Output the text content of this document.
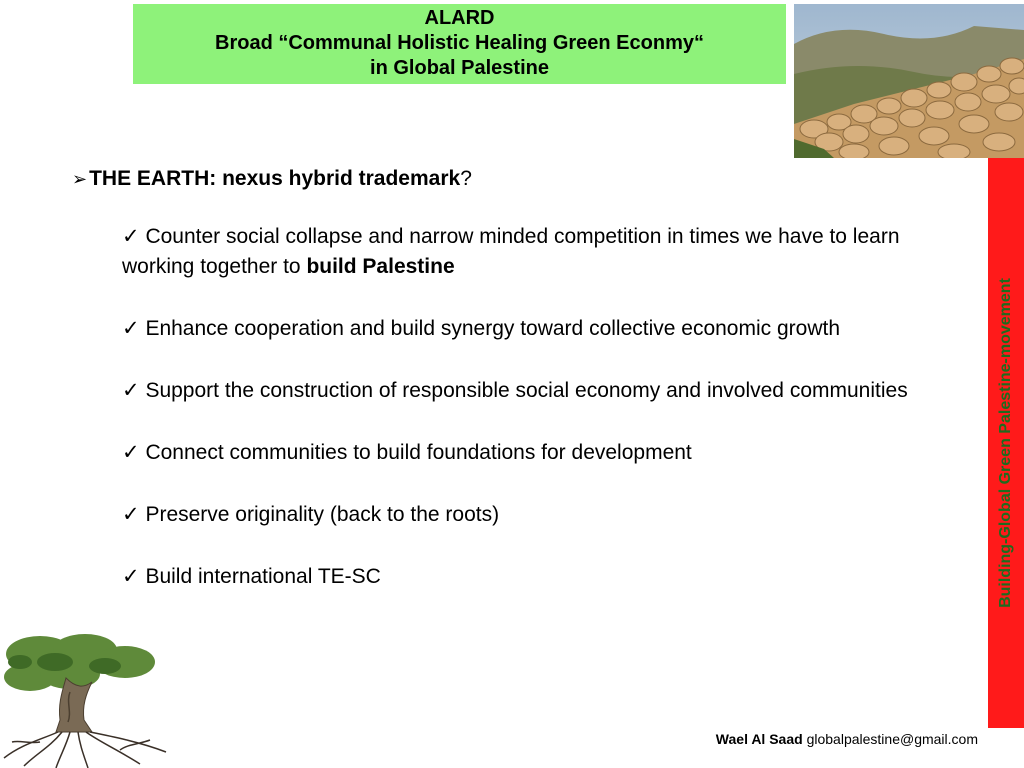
ALARD
Broad “Communal Holistic Healing Green Econmy“
in Global Palestine
Building-Global Green Palestine-movement
➢THE EARTH: nexus hybrid trademark?
✓ Counter social collapse and narrow minded competition in times we have to learn working together to build Palestine
✓ Enhance cooperation and build synergy toward collective economic growth
✓ Support the construction of responsible social economy and involved communities
✓ Connect communities to build foundations for development
✓ Preserve originality (back to the roots)
✓ Build international TE-SC
Wael Al Saad globalpalestine@gmail.com
